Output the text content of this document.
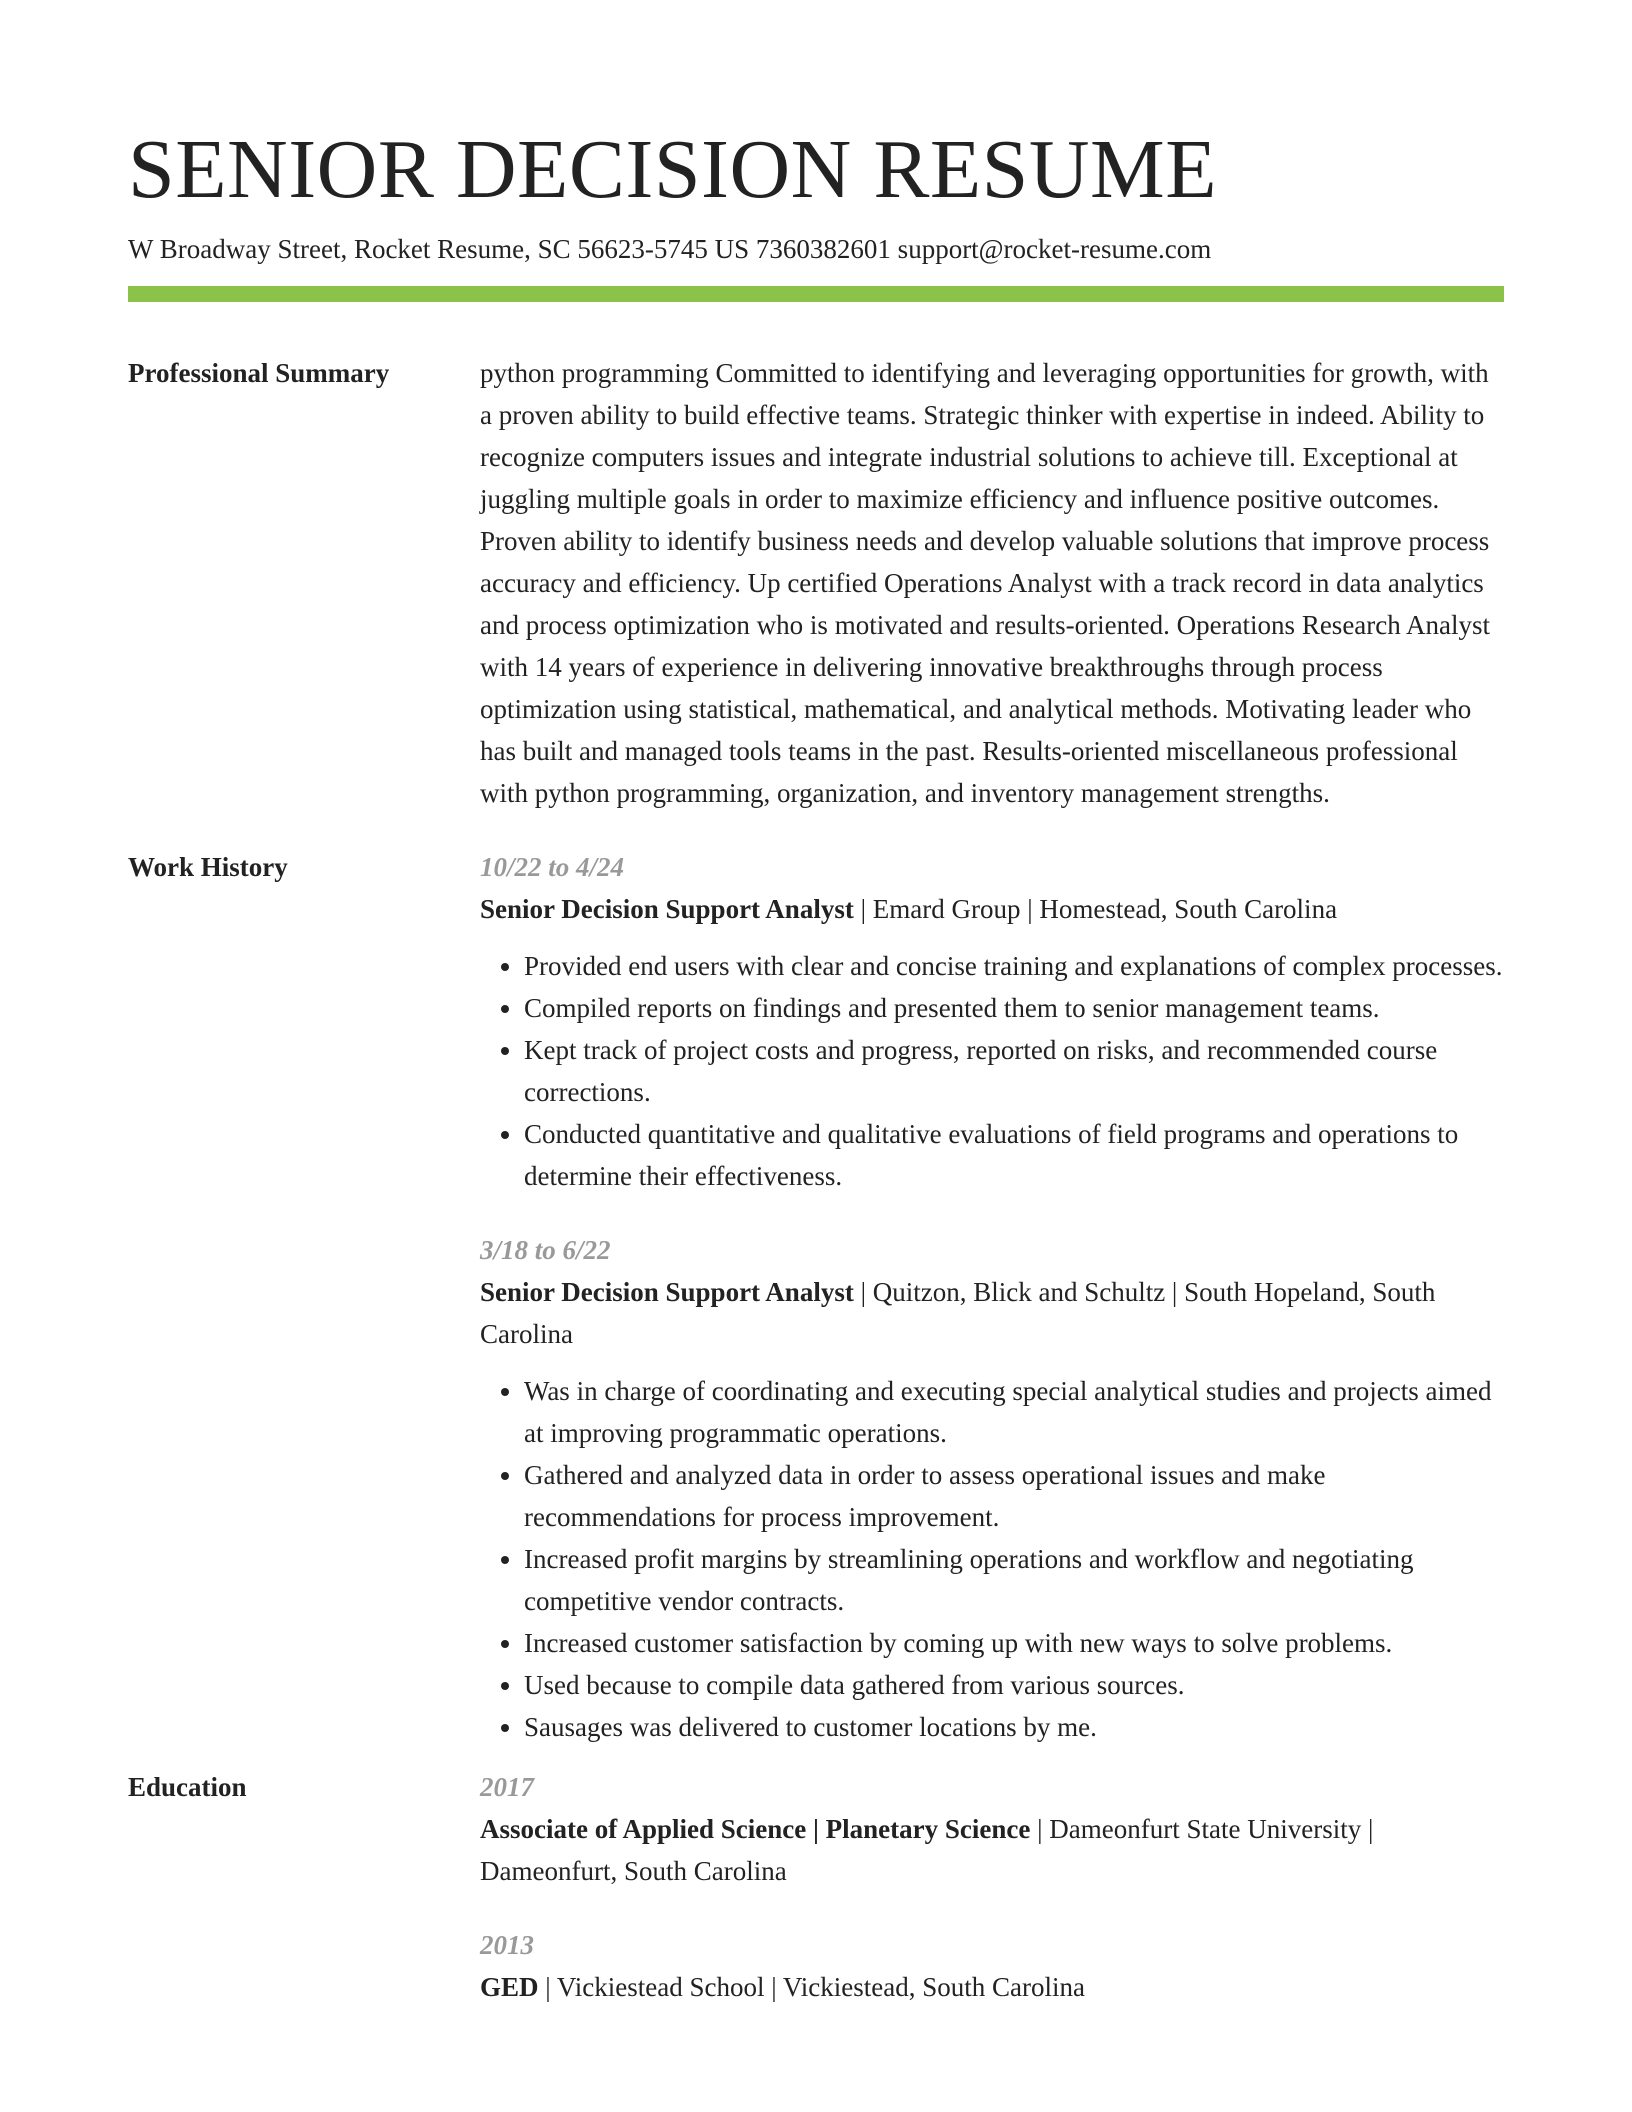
SENIOR DECISION RESUME
W Broadway Street, Rocket Resume, SC 56623-5745 US 7360382601 support@rocket-resume.com
Professional Summary	python programming Committed to identifying and leveraging opportunities for growth, with a proven ability to build effective teams. Strategic thinker with expertise in indeed. Ability to recognize computers issues and integrate industrial solutions to achieve till. Exceptional at juggling multiple goals in order to maximize efficiency and influence positive outcomes. Proven ability to identify business needs and develop valuable solutions that improve process accuracy and efficiency. Up certified Operations Analyst with a track record in data analytics and process optimization who is motivated and results-oriented. Operations Research Analyst with 14 years of experience in delivering innovative breakthroughs through process optimization using statistical, mathematical, and analytical methods. Motivating leader who has built and managed tools teams in the past. Results-oriented miscellaneous professional with python programming, organization, and inventory management strengths.

Work History	10/22 to 4/24
Senior Decision Support Analyst | Emard Group | Homestead, South Carolina
• Provided end users with clear and concise training and explanations of complex processes.
• Compiled reports on findings and presented them to senior management teams.
• Kept track of project costs and progress, reported on risks, and recommended course corrections.
• Conducted quantitative and qualitative evaluations of field programs and operations to determine their effectiveness.
3/18 to 6/22
Senior Decision Support Analyst | Quitzon, Blick and Schultz | South Hopeland, South Carolina
• Was in charge of coordinating and executing special analytical studies and projects aimed at improving programmatic operations.
• Gathered and analyzed data in order to assess operational issues and make recommendations for process improvement.
• Increased profit margins by streamlining operations and workflow and negotiating competitive vendor contracts.
• Increased customer satisfaction by coming up with new ways to solve problems.
• Used because to compile data gathered from various sources.
• Sausages was delivered to customer locations by me.
Education	2017
Associate of Applied Science | Planetary Science | Dameonfurt State University | Dameonfurt, South Carolina
2013
GED | Vickiestead School | Vickiestead, South Carolina
